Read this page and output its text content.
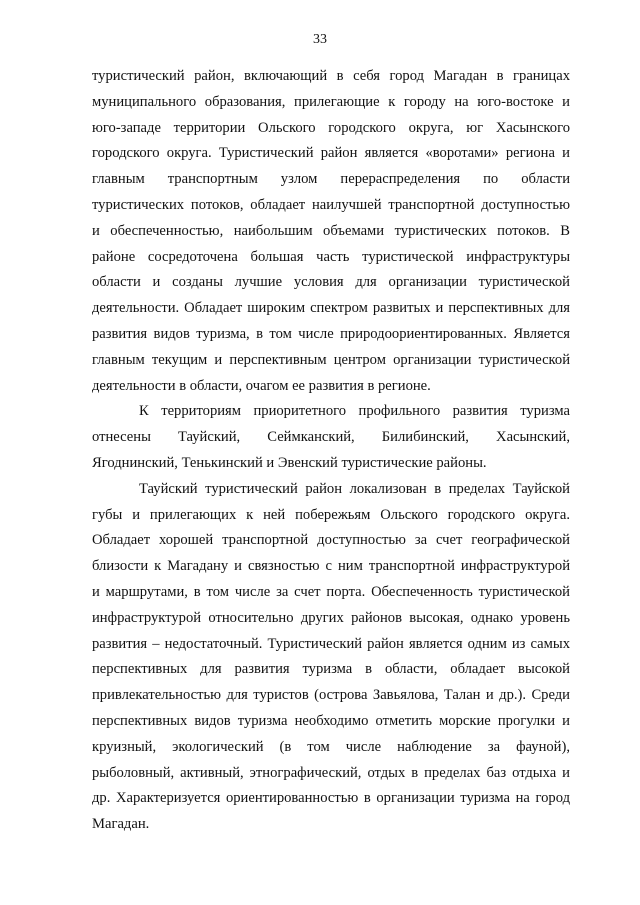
33
туристический район, включающий в себя город Магадан в границах
муниципального образования, прилегающие к городу на юго-востоке и
юго-западе территории Ольского городского округа, юг Хасынского
городского округа. Туристический район является «воротами» региона и
главным транспортным узлом перераспределения по области
туристических потоков, обладает наилучшей транспортной доступностью
и обеспеченностью, наибольшим объемами туристических потоков. В
районе сосредоточена большая часть туристической инфраструктуры
области и созданы лучшие условия для организации туристической
деятельности. Обладает широким спектром развитых и перспективных для
развития видов туризма, в том числе природоориентированных. Является
главным текущим и перспективным центром организации туристической
деятельности в области, очагом ее развития в регионе.
К территориям приоритетного профильного развития туризма
отнесены Тауйский, Сеймканский, Билибинский, Хасынский,
Ягоднинский, Тенькинский и Эвенский туристические районы.
Тауйский туристический район локализован в пределах Тауйской
губы и прилегающих к ней побережьям Ольского городского округа.
Обладает хорошей транспортной доступностью за счет географической
близости к Магадану и связностью с ним транспортной инфраструктурой
и маршрутами, в том числе за счет порта. Обеспеченность туристической
инфраструктурой относительно других районов высокая, однако уровень
развития – недостаточный. Туристический район является одним из самых
перспективных для развития туризма в области, обладает высокой
привлекательностью для туристов (острова Завьялова, Талан и др.). Среди
перспективных видов туризма необходимо отметить морские прогулки и
круизный, экологический (в том числе наблюдение за фауной),
рыболовный, активный, этнографический, отдых в пределах баз отдыха и
др. Характеризуется ориентированностью в организации туризма на город
Магадан.
